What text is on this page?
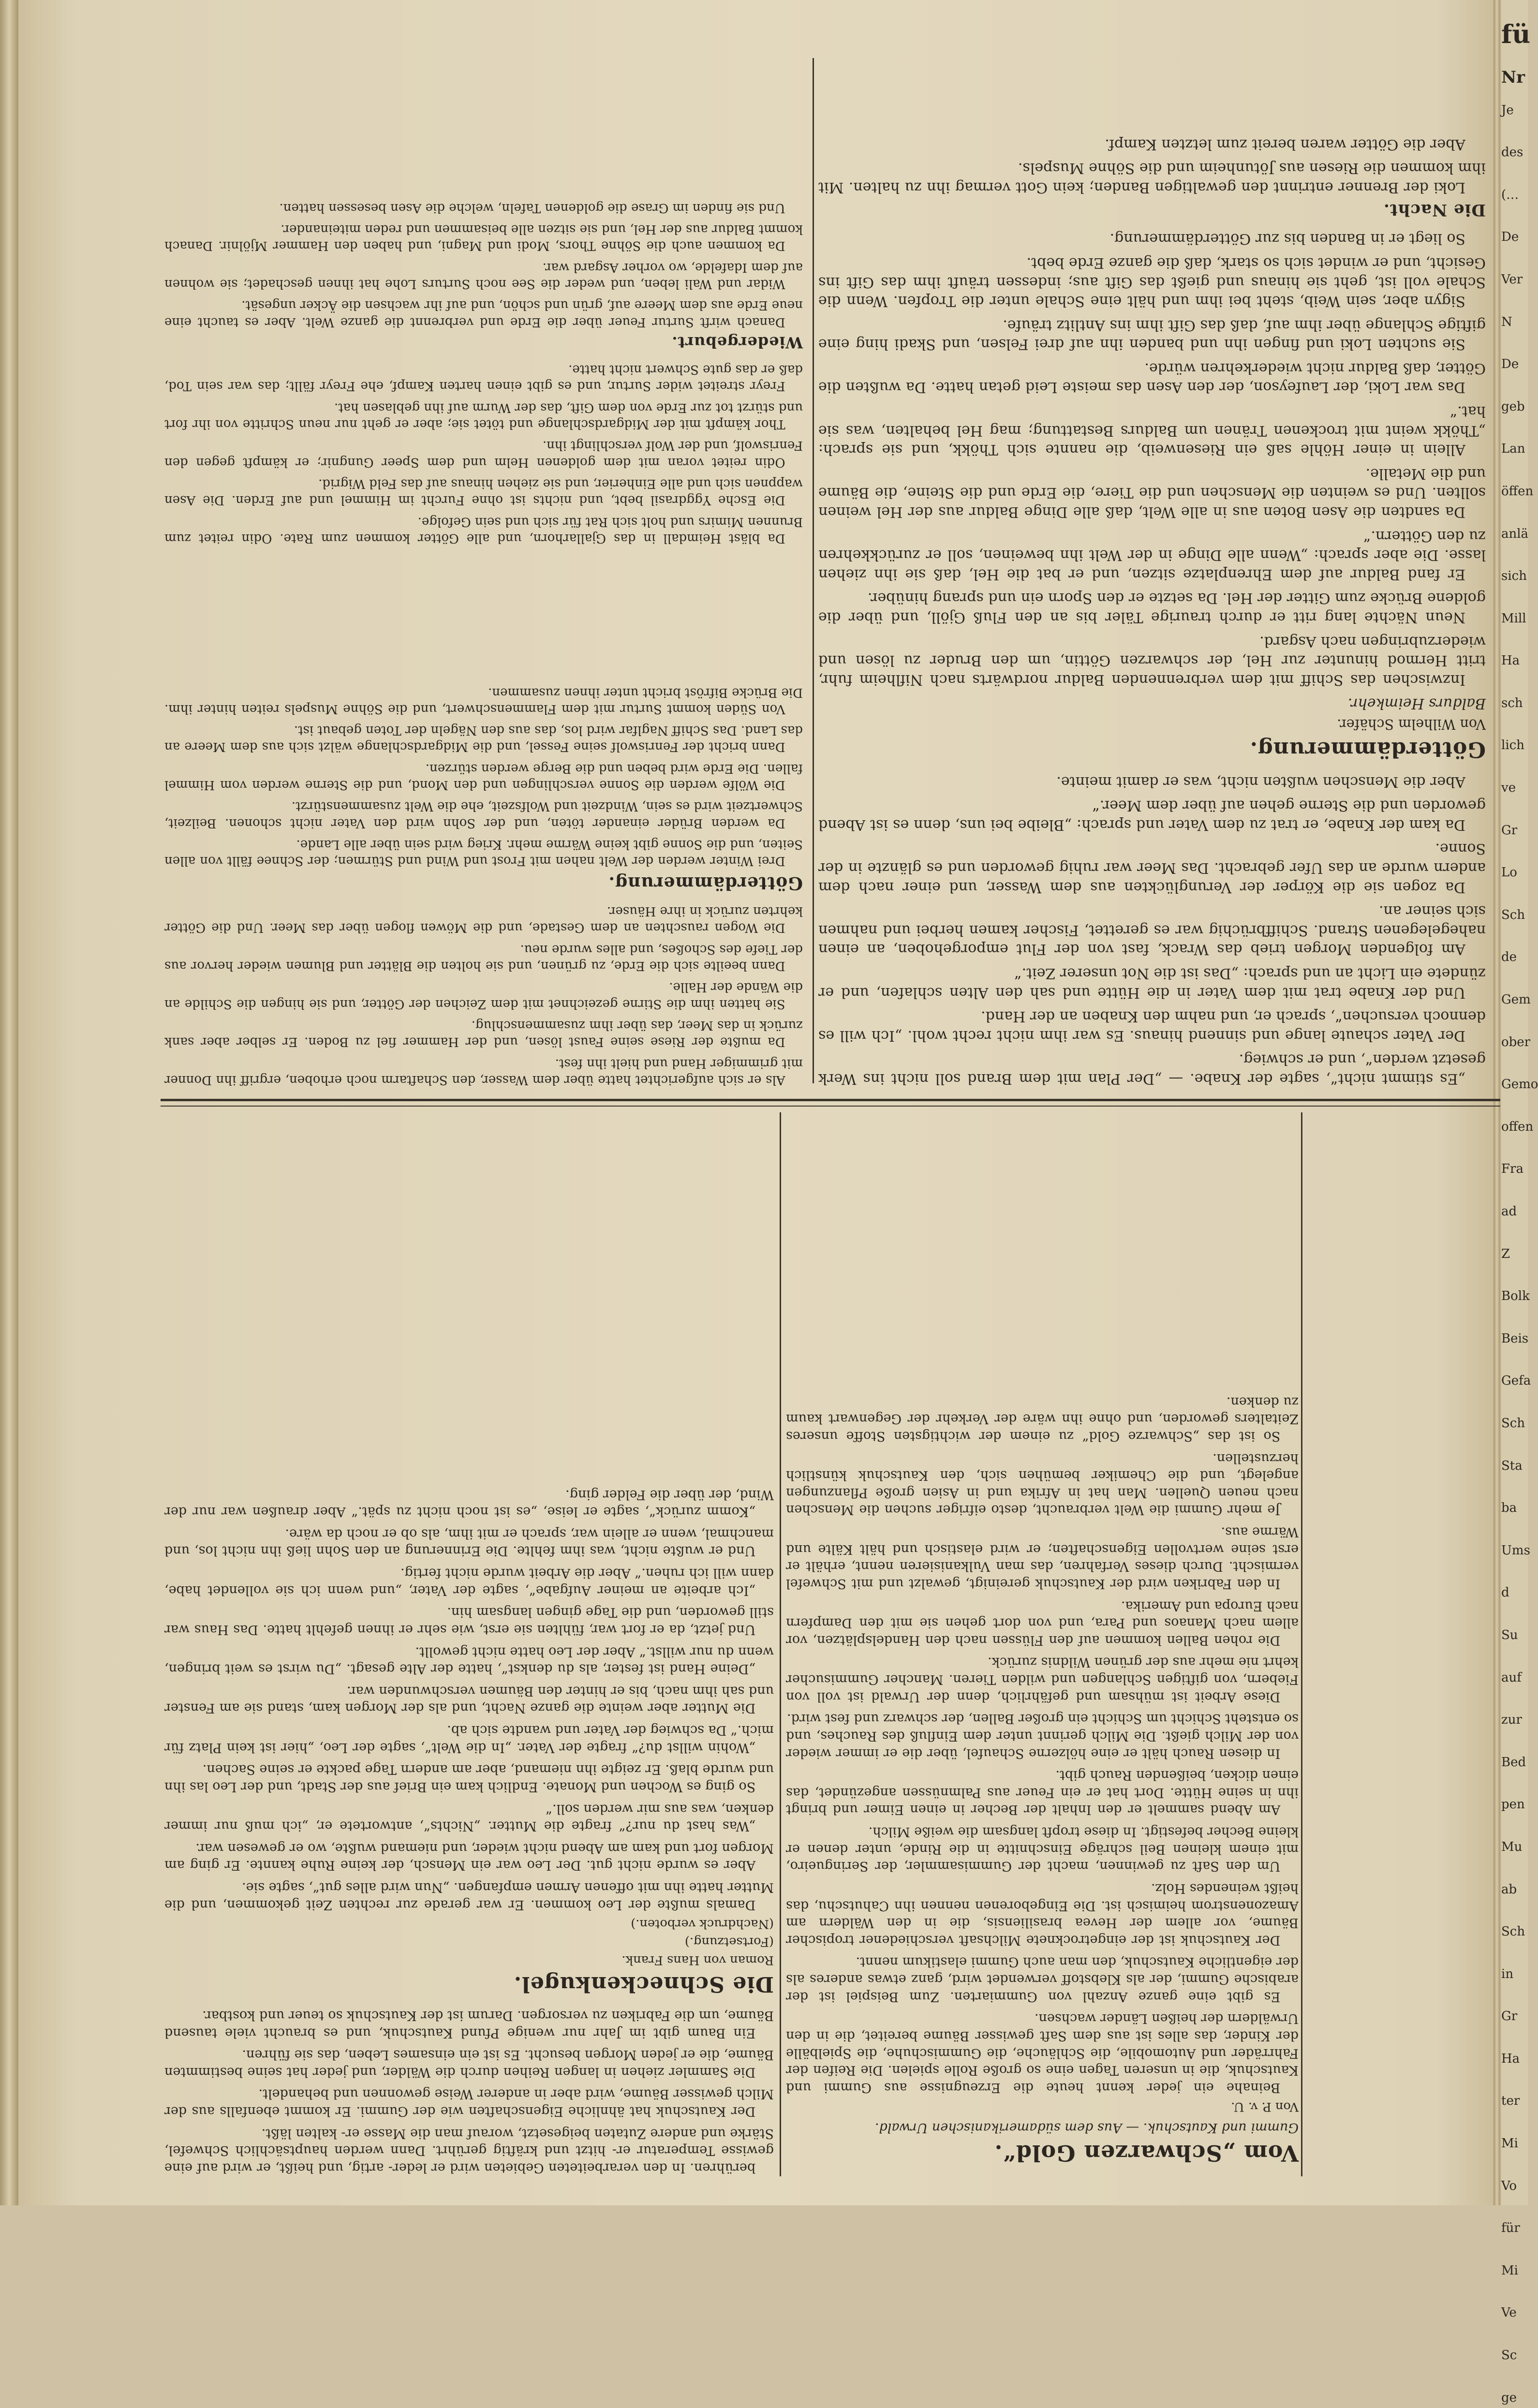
„Es stimmt nicht“, sagte der Knabe. — „Der Plan mit dem Brand soll nicht ins Werk gesetzt werden“, und er schwieg.

Der Vater schaute lange und sinnend hinaus. Es war ihm nicht recht wohl. „Ich will es dennoch versuchen“, sprach er, und nahm den Knaben an der Hand.

Und der Knabe trat mit dem Vater in die Hütte und sah den Alten schlafen, und er zündete ein Licht an und sprach: „Das ist die Not unserer Zeit.“

Am folgenden Morgen trieb das Wrack, fast von der Flut emporgehoben, an einen nahegelegenen Strand. Schiffbrüchig war es gerettet, Fischer kamen herbei und nahmen sich seiner an.

Da zogen sie die Körper der Verunglückten aus dem Wasser, und einer nach dem andern wurde an das Ufer gebracht. Das Meer war ruhig geworden und es glänzte in der Sonne.

Da kam der Knabe, er trat zu dem Vater und sprach: „Bleibe bei uns, denn es ist Abend geworden und die Sterne gehen auf über dem Meer.“

Aber die Menschen wußten nicht, was er damit meinte.

Götterdämmerung.

Von Wilhelm Schäfer.

Baldurs Heimkehr.

Inzwischen das Schiff mit dem verbrennenden Baldur nordwärts nach Niflheim fuhr, tritt Hermod hinunter zur Hel, der schwarzen Göttin, um den Bruder zu lösen und wiederzubringen nach Asgard.

Neun Nächte lang ritt er durch traurige Täler bis an den Fluß Gjöll, und über die goldene Brücke zum Gitter der Hel. Da setzte er den Sporn ein und sprang hinüber.

Er fand Baldur auf dem Ehrenplatze sitzen, und er bat die Hel, daß sie ihn ziehen lasse. Die aber sprach: „Wenn alle Dinge in der Welt ihn beweinen, soll er zurückkehren zu den Göttern.“

Da sandten die Asen Boten aus in alle Welt, daß alle Dinge Baldur aus der Hel weinen sollten. Und es weinten die Menschen und die Tiere, die Erde und die Steine, die Bäume und die Metalle.

Allein in einer Höhle saß ein Riesenweib, die nannte sich Thökk, und sie sprach: „Thökk weint mit trockenen Tränen um Baldurs Bestattung; mag Hel behalten, was sie hat.“

Das war Loki, der Laufeyson, der den Asen das meiste Leid getan hatte. Da wußten die Götter, daß Baldur nicht wiederkehren würde.

Sie suchten Loki und fingen ihn und banden ihn auf drei Felsen, und Skadi hing eine giftige Schlange über ihm auf, daß das Gift ihm ins Antlitz träufe.

Sigyn aber, sein Weib, steht bei ihm und hält eine Schale unter die Tropfen. Wenn die Schale voll ist, geht sie hinaus und gießt das Gift aus; indessen träuft ihm das Gift ins Gesicht, und er windet sich so stark, daß die ganze Erde bebt.

So liegt er in Banden bis zur Götterdämmerung.

Die Nacht.

Loki der Brenner entrinnt den gewaltigen Banden; kein Gott vermag ihn zu halten. Mit ihm kommen die Riesen aus Jötunheim und die Söhne Muspels.

Aber die Götter waren bereit zum letzten Kampf.

Als er sich aufgerichtet hatte über dem Wasser, den Schaftarm noch erhoben, ergriff ihn Donner mit grimmiger Hand und hielt ihn fest.

Da mußte der Riese seine Faust lösen, und der Hammer fiel zu Boden. Er selber aber sank zurück in das Meer, das über ihm zusammenschlug.

Sie hatten ihm die Stirne gezeichnet mit dem Zeichen der Götter, und sie hingen die Schilde an die Wände der Halle.

Dann beeilte sich die Erde, zu grünen, und sie holten die Blätter und Blumen wieder hervor aus der Tiefe des Schoßes, und alles wurde neu.

Die Wogen rauschten an dem Gestade, und die Möwen flogen über das Meer. Und die Götter kehrten zurück in ihre Häuser.

Götterdämmerung.

Drei Winter werden der Welt nahen mit Frost und Wind und Stürmen; der Schnee fällt von allen Seiten, und die Sonne gibt keine Wärme mehr. Krieg wird sein über alle Lande.

Da werden Brüder einander töten, und der Sohn wird den Vater nicht schonen. Beilzeit, Schwertzeit wird es sein, Windzeit und Wolfszeit, ehe die Welt zusammenstürzt.

Die Wölfe werden die Sonne verschlingen und den Mond, und die Sterne werden vom Himmel fallen. Die Erde wird beben und die Berge werden stürzen.

Dann bricht der Fenriswolf seine Fessel, und die Midgardschlange wälzt sich aus dem Meere an das Land. Das Schiff Naglfar wird los, das aus den Nägeln der Toten gebaut ist.

Von Süden kommt Surtur mit dem Flammenschwert, und die Söhne Muspels reiten hinter ihm. Die Brücke Bifröst bricht unter ihnen zusammen.

Da bläst Heimdall in das Gjallarhorn, und alle Götter kommen zum Rate. Odin reitet zum Brunnen Mimirs und holt sich Rat für sich und sein Gefolge.

Die Esche Yggdrasil bebt, und nichts ist ohne Furcht im Himmel und auf Erden. Die Asen wappnen sich und alle Einherier, und sie ziehen hinaus auf das Feld Wigrid.

Odin reitet voran mit dem goldenen Helm und dem Speer Gungnir; er kämpft gegen den Fenriswolf, und der Wolf verschlingt ihn.

Thor kämpft mit der Midgardschlange und tötet sie; aber er geht nur neun Schritte von ihr fort und stürzt tot zur Erde von dem Gift, das der Wurm auf ihn geblasen hat.

Freyr streitet wider Surtur, und es gibt einen harten Kampf, ehe Freyr fällt; das war sein Tod, daß er das gute Schwert nicht hatte.

Wiedergeburt.

Danach wirft Surtur Feuer über die Erde und verbrennt die ganze Welt. Aber es taucht eine neue Erde aus dem Meere auf, grün und schön, und auf ihr wachsen die Äcker ungesät.

Widar und Wali leben, und weder die See noch Surturs Lohe hat ihnen geschadet; sie wohnen auf dem Idafelde, wo vorher Asgard war.

Da kommen auch die Söhne Thors, Modi und Magni, und haben den Hammer Mjölnir. Danach kommt Baldur aus der Hel, und sie sitzen alle beisammen und reden miteinander.

Und sie finden im Grase die goldenen Tafeln, welche die Asen besessen hatten.

Vom „Schwarzen Gold“.

Gummi und Kautschuk. — Aus dem südamerikanischen Urwald.

Von P. v. U.

Beinahe ein jeder kennt heute die Erzeugnisse aus Gummi und Kautschuk, die in unseren Tagen eine so große Rolle spielen. Die Reifen der Fahrräder und Automobile, die Schläuche, die Gummischuhe, die Spielbälle der Kinder, das alles ist aus dem Saft gewisser Bäume bereitet, die in den Urwäldern der heißen Länder wachsen.

Es gibt eine ganze Anzahl von Gummiarten. Zum Beispiel ist der arabische Gummi, der als Klebstoff verwendet wird, ganz etwas anderes als der eigentliche Kautschuk, den man auch Gummi elastikum nennt.

Der Kautschuk ist der eingetrocknete Milchsaft verschiedener tropischer Bäume, vor allem der Hevea brasiliensis, die in den Wäldern am Amazonenstrom heimisch ist. Die Eingeborenen nennen ihn Cahutschu, das heißt weinendes Holz.

Um den Saft zu gewinnen, macht der Gummisammler, der Seringueiro, mit einem kleinen Beil schräge Einschnitte in die Rinde, unter denen er kleine Becher befestigt. In diese tropft langsam die weiße Milch.

Am Abend sammelt er den Inhalt der Becher in einen Eimer und bringt ihn in seine Hütte. Dort hat er ein Feuer aus Palmnüssen angezündet, das einen dicken, beißenden Rauch gibt.

In diesen Rauch hält er eine hölzerne Schaufel, über die er immer wieder von der Milch gießt. Die Milch gerinnt unter dem Einfluß des Rauches, und so entsteht Schicht um Schicht ein großer Ballen, der schwarz und fest wird.

Diese Arbeit ist mühsam und gefährlich, denn der Urwald ist voll von Fiebern, von giftigen Schlangen und wilden Tieren. Mancher Gummisucher kehrt nie mehr aus der grünen Wildnis zurück.

Die rohen Ballen kommen auf den Flüssen nach den Handelsplätzen, vor allem nach Manaos und Para, und von dort gehen sie mit den Dampfern nach Europa und Amerika.

In den Fabriken wird der Kautschuk gereinigt, gewalzt und mit Schwefel vermischt. Durch dieses Verfahren, das man Vulkanisieren nennt, erhält er erst seine wertvollen Eigenschaften; er wird elastisch und hält Kälte und Wärme aus.

Je mehr Gummi die Welt verbraucht, desto eifriger suchen die Menschen nach neuen Quellen. Man hat in Afrika und in Asien große Pflanzungen angelegt, und die Chemiker bemühen sich, den Kautschuk künstlich herzustellen.

So ist das „Schwarze Gold“ zu einem der wichtigsten Stoffe unseres Zeitalters geworden, und ohne ihn wäre der Verkehr der Gegenwart kaum zu denken.

berühren. In den verarbeiteten Gebieten wird er leder- artig, und heißt, er wird auf eine gewisse Temperatur er- hitzt und kräftig gerührt. Dann werden hauptsächlich Schwefel, Stärke und andere Zutaten beigesetzt, worauf man die Masse er- kalten läßt.

Der Kautschuk hat ähnliche Eigenschaften wie der Gummi. Er kommt ebenfalls aus der Milch gewisser Bäume, wird aber in anderer Weise gewonnen und behandelt.

Die Sammler ziehen in langen Reihen durch die Wälder, und jeder hat seine bestimmten Bäume, die er jeden Morgen besucht. Es ist ein einsames Leben, das sie führen.

Ein Baum gibt im Jahr nur wenige Pfund Kautschuk, und es braucht viele tausend Bäume, um die Fabriken zu versorgen. Darum ist der Kautschuk so teuer und kostbar.

Die Schneckenkugel.

Roman von Hans Frank.

(Fortsetzung.)

(Nachdruck verboten.)

Damals mußte der Leo kommen. Er war gerade zur rechten Zeit gekommen, und die Mutter hatte ihn mit offenen Armen empfangen. „Nun wird alles gut“, sagte sie.

Aber es wurde nicht gut. Der Leo war ein Mensch, der keine Ruhe kannte. Er ging am Morgen fort und kam am Abend nicht wieder, und niemand wußte, wo er gewesen war.

„Was hast du nur?“ fragte die Mutter. „Nichts“, antwortete er, „ich muß nur immer denken, was aus mir werden soll.“

So ging es Wochen und Monate. Endlich kam ein Brief aus der Stadt, und der Leo las ihn und wurde blaß. Er zeigte ihn niemand, aber am andern Tage packte er seine Sachen.

„Wohin willst du?“ fragte der Vater. „In die Welt“, sagte der Leo, „hier ist kein Platz für mich.“ Da schwieg der Vater und wandte sich ab.

Die Mutter aber weinte die ganze Nacht, und als der Morgen kam, stand sie am Fenster und sah ihm nach, bis er hinter den Bäumen verschwunden war.

„Deine Hand ist fester, als du denkst“, hatte der Alte gesagt. „Du wirst es weit bringen, wenn du nur willst.“ Aber der Leo hatte nicht gewollt.

Und jetzt, da er fort war, fühlten sie erst, wie sehr er ihnen gefehlt hatte. Das Haus war still geworden, und die Tage gingen langsam hin.

„Ich arbeite an meiner Aufgabe“, sagte der Vater, „und wenn ich sie vollendet habe, dann will ich ruhen.“ Aber die Arbeit wurde nicht fertig.

Und er wußte nicht, was ihm fehlte. Die Erinnerung an den Sohn ließ ihn nicht los, und manchmal, wenn er allein war, sprach er mit ihm, als ob er noch da wäre.

„Komm zurück“, sagte er leise, „es ist noch nicht zu spät.“ Aber draußen war nur der Wind, der über die Felder ging.

fü
Nr
Je
des
(…
De
Ver
N
De
geb
Lan
öffen
anlä
sich
Mill
Ha
sch
lich
ve
Gr
Lo
Sch
de
Gem
ober
Gemo
offen
Fra
ad
Z
Bolk
Beis
Gefa
Sch
Sta
ba
Ums
d
Su
auf
zur
Bed
pen
Mu
ab
Sch
in
Gr
Ha
ter
Mi
Vo
für
Mi
Ve
Sc
ge
